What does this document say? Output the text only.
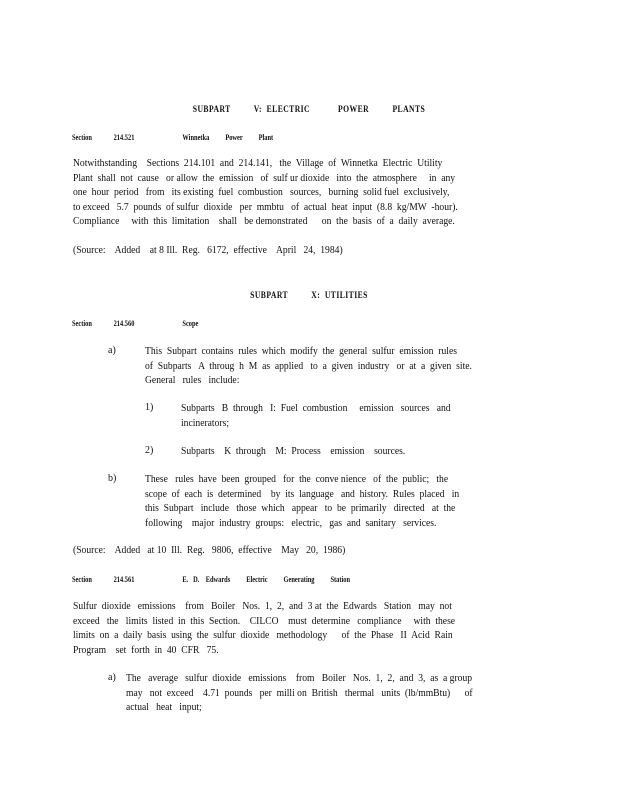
SUBPART          V:  ELECTRIC            POWER          PLANTS
Section	214.521	Winnetka          Power          Plant
Notwithstanding    Sections  214.101  and  214.141,   the  Village  of  Winnetka  Electric  Utility
Plant  shall  not  cause   or allow  the  emission   of  sulf ur dioxide   into  the  atmosphere     in  any
one  hour  period   from   its existing  fuel  combustion   sources,   burning  solid fuel  exclusively,
to exceed   5.7  pounds  of sulfur  dioxide   per  mmbtu   of  actual  heat  input  (8.8  kg/MW  -hour).
Compliance     with  this  limitation    shall   be demonstrated      on  the  basis  of  a  daily  average.
(Source:    Added    at 8 Ill.  Reg.   6172,  effective    April   24,  1984)
SUBPART          X:  UTILITIES
Section	214.560	Scope
a)	This  Subpart  contains  rules  which  modify  the  general  sulfur  emission  rules
of  Subparts   A  throug  h  M  as  applied   to  a  given  industry   or  at  a  given  site.
General   rules   include:
1)	Subparts   B  through   I:  Fuel  combustion     emission   sources   and
incinerators;
2)	Subparts    K  through    M:  Process    emission    sources.
b)	These   rules  have  been  grouped   for  the  conve nience   of  the  public;   the
scope  of  each  is  determined    by  its  language   and  history.  Rules  placed   in
this  Subpart   include   those  which   appear   to  be  primarily   directed   at  the
following    major  industry  groups:   electric,   gas  and  sanitary   services.
(Source:    Added   at 10  Ill.  Reg.   9806,  effective    May   20,  1986)
Section	214.561	E.   D.    Edwards          Electric          Generating          Station
Sulfur  dioxide   emissions    from   Boiler   Nos.  1,  2,  and  3 at  the  Edwards   Station   may  not
exceed   the   limits  listed  in  this  Section.    CILCO    must  determine   compliance     with  these
limits  on  a  daily  basis  using  the  sulfur  dioxide   methodology      of  the  Phase   II  Acid  Rain
Program    set  forth  in  40  CFR   75.
a) The   average   sulfur  dioxide   emissions    from   Boiler   Nos.  1,  2,  and  3,  as  a group
may   not  exceed    4.71  pounds   per  milli on  British   thermal   units  (lb/mmBtu)      of
actual   heat   input;
